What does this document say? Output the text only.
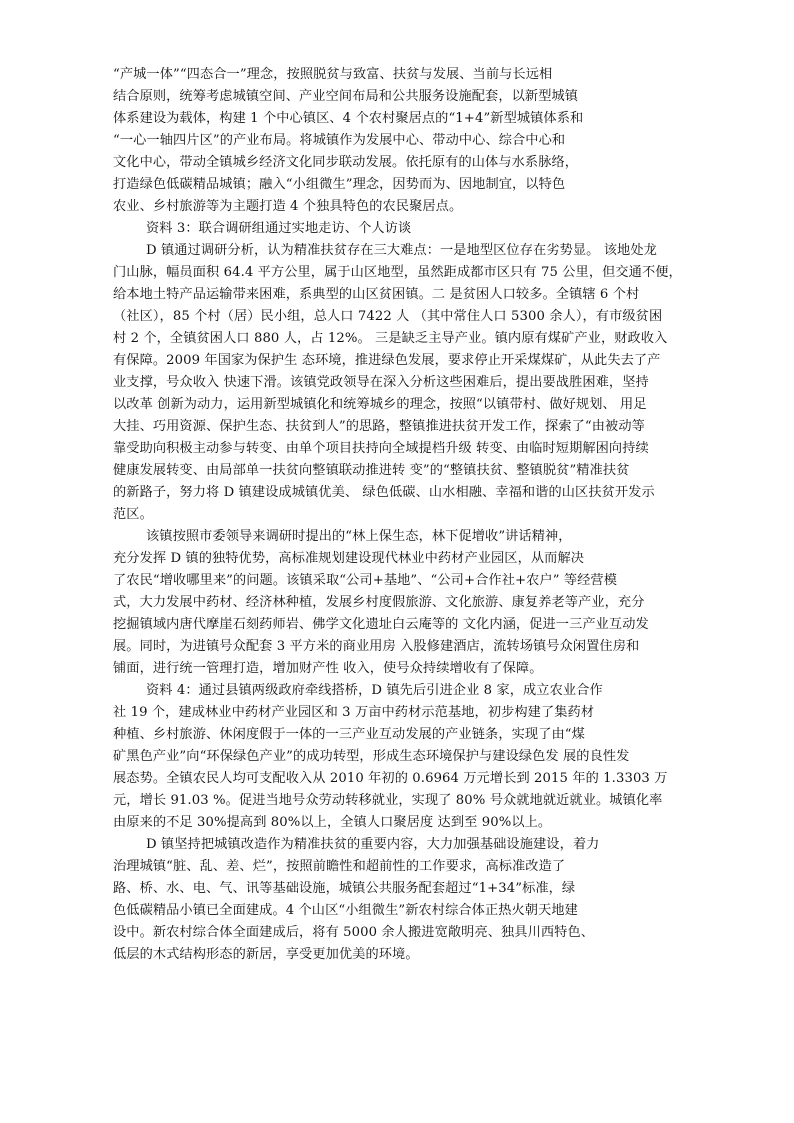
“产城一体”“四态合一”理念，按照脱贫与致富、扶贫与发展、当前与长远相
结合原则，统筹考虑城镇空间、产业空间布局和公共服务设施配套，以新型城镇
体系建设为载体，构建 1 个中心镇区、4 个农村聚居点的“1+4”新型城镇体系和
“一心一轴四片区”的产业布局。将城镇作为发展中心、带动中心、综合中心和
文化中心，带动全镇城乡经济文化同步联动发展。依托原有的山体与水系脉络，
打造绿色低碳精品城镇；融入“小组微生”理念，因势而为、因地制宜，以特色
农业、乡村旅游等为主题打造 4 个独具特色的农民聚居点。
资料 3：联合调研组通过实地走访、个人访谈
D 镇通过调研分析，认为精准扶贫存在三大难点：一是地型区位存在劣势显。 该地处龙
门山脉，幅员面积 64.4 平方公里，属于山区地型，虽然距成都市区只有 75 公里，但交通不便，
给本地土特产品运输带来困难，系典型的山区贫困镇。二 是贫困人口较多。全镇辖 6 个村
（社区），85 个村（居）民小组，总人口 7422 人 （其中常住人口 5300 余人），有市级贫困
村 2 个，全镇贫困人口 880 人，占 12%。 三是缺乏主导产业。镇内原有煤矿产业，财政收入
有保障。2009 年国家为保护生 态环境，推进绿色发展，要求停止开采煤煤矿，从此失去了产
业支撑，号众收入 快速下滑。该镇党政领导在深入分析这些困难后，提出要战胜困难，坚持
以改革 创新为动力，运用新型城镇化和统筹城乡的理念，按照“以镇带村、做好规划、 用足
大挂、巧用资源、保护生态、扶贫到人”的思路，整镇推进扶贫开发工作，探索了“由被动等
靠受助向积极主动参与转变、由单个项目扶持向全域提档升级 转变、由临时短期解困向持续
健康发展转变、由局部单一扶贫向整镇联动推进转 变”的“整镇扶贫、整镇脱贫”精准扶贫
的新路子，努力将 D 镇建设成城镇优美、 绿色低碳、山水相融、幸福和谐的山区扶贫开发示
范区。
该镇按照市委领导来调研时提出的“林上保生态，林下促增收”讲话精神，
充分发挥 D 镇的独特优势，高标准规划建设现代林业中药材产业园区，从而解决
了农民“增收哪里来”的问题。该镇采取“公司+基地”、“公司+合作社+农户” 等经营模
式，大力发展中药材、经济林种植，发展乡村度假旅游、文化旅游、康复养老等产业，充分
挖掘镇域内唐代摩崖石刻药师岩、佛学文化遗址白云庵等的 文化内涵，促进一三产业互动发
展。同时，为进镇号众配套 3 平方米的商业用房 入股修建酒店，流转场镇号众闲置住房和
铺面，进行统一管理打造，增加财产性 收入，使号众持续增收有了保障。
资料 4：通过县镇两级政府牵线搭桥，D 镇先后引进企业 8 家，成立农业合作
社 19 个，建成林业中药材产业园区和 3 万亩中药材示范基地，初步构建了集药材
种植、乡村旅游、休闲度假于一体的一三产业互动发展的产业链条，实现了由“煤
矿黑色产业”向“环保绿色产业”的成功转型，形成生态环境保护与建设绿色发 展的良性发
展态势。全镇农民人均可支配收入从 2010 年初的 0.6964 万元增长到 2015 年的 1.3303 万
元，增长 91.03 %。促进当地号众劳动转移就业，实现了 80% 号众就地就近就业。城镇化率
由原来的不足 30%提高到 80%以上，全镇人口聚居度 达到至 90%以上。
D 镇坚持把城镇改造作为精准扶贫的重要内容，大力加强基础设施建设，着力
治理城镇“脏、乱、差、烂”，按照前瞻性和超前性的工作要求，高标准改造了
路、桥、水、电、气、讯等基础设施，城镇公共服务配套超过“1+34”标准，绿
色低碳精品小镇已全面建成。4 个山区“小组微生”新农村综合体正热火朝天地建
设中。新农村综合体全面建成后，将有 5000 余人搬进宽敞明亮、独具川西特色、
低层的木式结构形态的新居，享受更加优美的环境。
